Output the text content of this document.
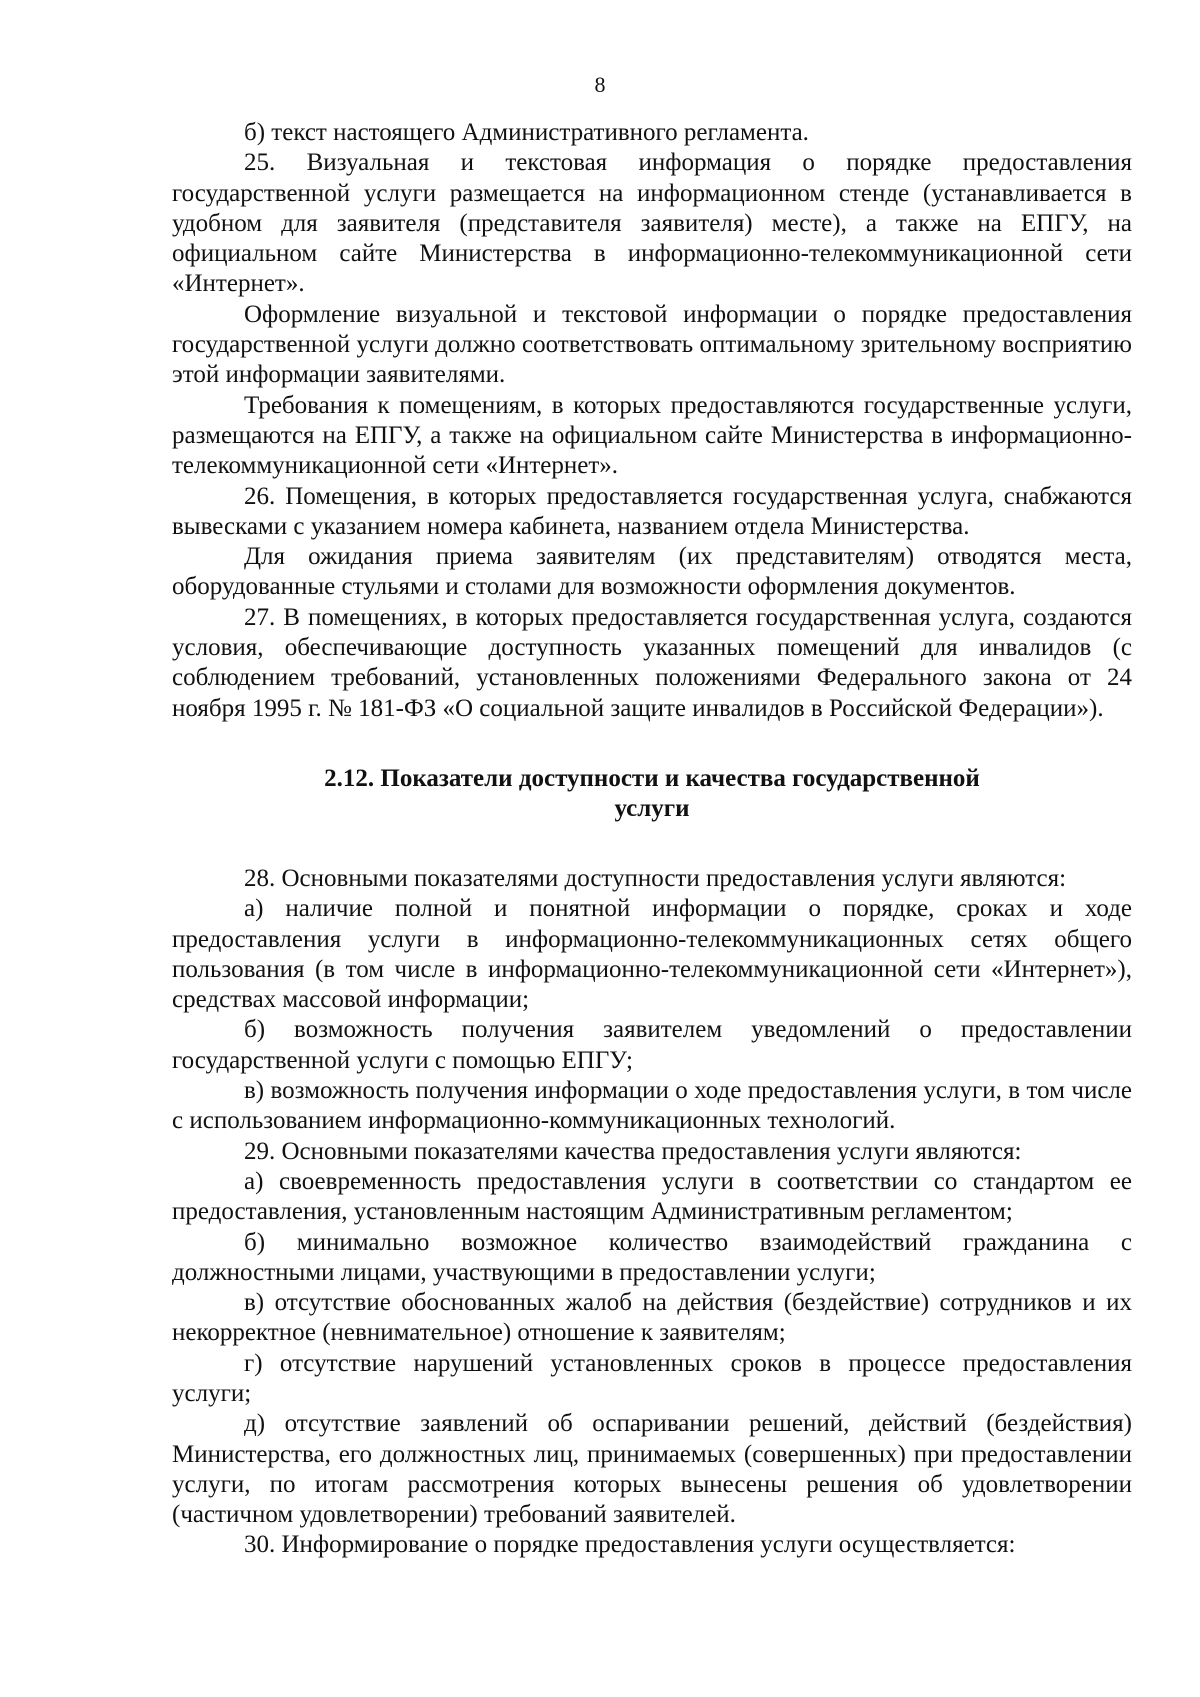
8

б) текст настоящего Административного регламента.

25. Визуальная и текстовая информация о порядке предоставления государственной услуги размещается на информационном стенде (устанавливается в удобном для заявителя (представителя заявителя) месте), а также на ЕПГУ, на официальном сайте Министерства в информационно-телекоммуникационной сети «Интернет».

Оформление визуальной и текстовой информации о порядке предоставления государственной услуги должно соответствовать оптимальному зрительному восприятию этой информации заявителями.

Требования к помещениям, в которых предоставляются государственные услуги, размещаются на ЕПГУ, а также на официальном сайте Министерства в информационно-телекоммуникационной сети «Интернет».

26. Помещения, в которых предоставляется государственная услуга, снабжаются вывесками с указанием номера кабинета, названием отдела Министерства.

Для ожидания приема заявителям (их представителям) отводятся места, оборудованные стульями и столами для возможности оформления документов.

27. В помещениях, в которых предоставляется государственная услуга, создаются условия, обеспечивающие доступность указанных помещений для инвалидов (с соблюдением требований, установленных положениями Федерального закона от 24 ноября 1995 г. № 181-ФЗ «О социальной защите инвалидов в Российской Федерации»).

2.12. Показатели доступности и качества государственной
услуги

28. Основными показателями доступности предоставления услуги являются:

а) наличие полной и понятной информации о порядке, сроках и ходе предоставления услуги в информационно-телекоммуникационных сетях общего пользования (в том числе в информационно-телекоммуникационной сети «Интернет»), средствах массовой информации;

б) возможность получения заявителем уведомлений о предоставлении государственной услуги с помощью ЕПГУ;

в) возможность получения информации о ходе предоставления услуги, в том числе с использованием информационно-коммуникационных технологий.

29. Основными показателями качества предоставления услуги являются:

а) своевременность предоставления услуги в соответствии со стандартом ее предоставления, установленным настоящим Административным регламентом;

б) минимально возможное количество взаимодействий гражданина с должностными лицами, участвующими в предоставлении услуги;

в) отсутствие обоснованных жалоб на действия (бездействие) сотрудников и их некорректное (невнимательное) отношение к заявителям;

г) отсутствие нарушений установленных сроков в процессе предоставления услуги;

д) отсутствие заявлений об оспаривании решений, действий (бездействия) Министерства, его должностных лиц, принимаемых (совершенных) при предоставлении услуги, по итогам рассмотрения которых вынесены решения об удовлетворении (частичном удовлетворении) требований заявителей.

30. Информирование о порядке предоставления услуги осуществляется:
